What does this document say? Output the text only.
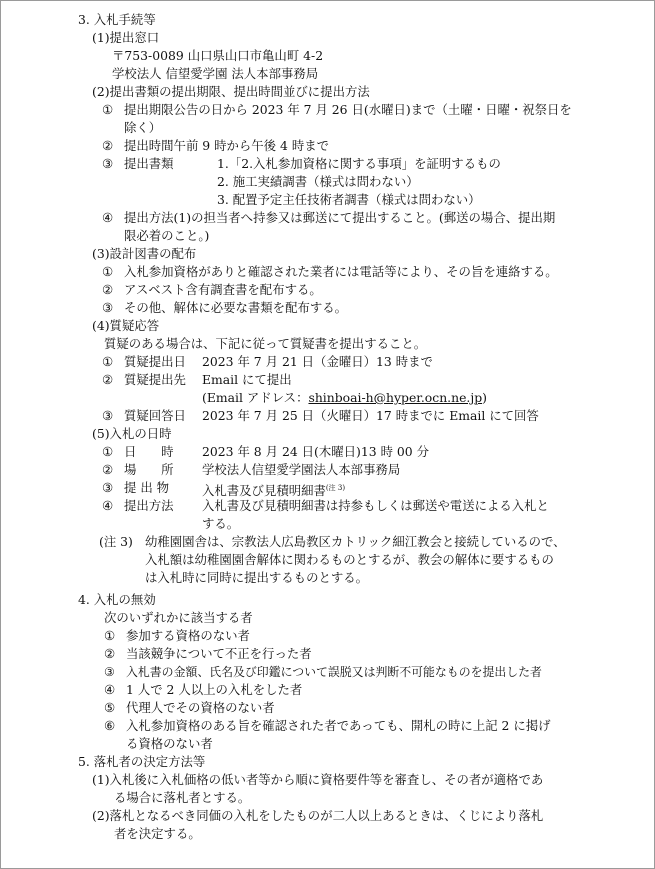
3. 入札手続等
(1)提出窓口
〒753-0089 山口県山口市亀山町 4-2
学校法人 信望愛学園 法人本部事務局
(2)提出書類の提出期限、提出時間並びに提出方法
① 提出期限公告の日から 2023 年 7 月 26 日(水曜日)まで（土曜・日曜・祝祭日を
除く）
② 提出時間午前 9 時から午後 4 時まで
③ 提出書類	1.「2.入札参加資格に関する事項」を証明するもの
2. 施工実績調書（様式は問わない）
3. 配置予定主任技術者調書（様式は問わない）
④ 提出方法(1)の担当者へ持参又は郵送にて提出すること。(郵送の場合、提出期
限必着のこと。)
(3)設計図書の配布
① 入札参加資格がありと確認された業者には電話等により、その旨を連絡する。
② アスベスト含有調査書を配布する。
③ その他、解体に必要な書類を配布する。
(4)質疑応答
質疑のある場合は、下記に従って質疑書を提出すること。
① 質疑提出日 2023 年 7 月 21 日（金曜日）13 時まで
② 質疑提出先 Email にて提出
(Email アドレス：shinboai-h@hyper.ocn.ne.jp)
③ 質疑回答日 2023 年 7 月 25 日（火曜日）17 時までに Email にて回答
(5)入札の日時
① 日　　時 2023 年 8 月 24 日(木曜日)13 時 00 分
② 場　　所 学校法人信望愛学園法人本部事務局
③ 提 出 物	入札書及び見積明細書$^{(注 3)}$
④ 提出方法 入札書及び見積明細書は持参もしくは郵送や電送による入札と
する。
(注 3) 幼稚園園舎は、宗教法人広島教区カトリック細江教会と接続しているので、
入札額は幼稚園園舎解体に関わるものとするが、教会の解体に要するもの
は入札時に同時に提出するものとする。
4. 入札の無効
次のいずれかに該当する者
① 参加する資格のない者
② 当該競争について不正を行った者
③ 入札書の金額、氏名及び印鑑について誤脱又は判断不可能なものを提出した者
④ 1 人で 2 人以上の入札をした者
⑤ 代理人でその資格のない者
⑥ 入札参加資格のある旨を確認された者であっても、開札の時に上記 2 に掲げ
る資格のない者
5. 落札者の決定方法等
(1)入札後に入札価格の低い者等から順に資格要件等を審査し、その者が適格であ
る場合に落札者とする。
(2)落札となるべき同価の入札をしたものが二人以上あるときは、くじにより落札
者を決定する。
